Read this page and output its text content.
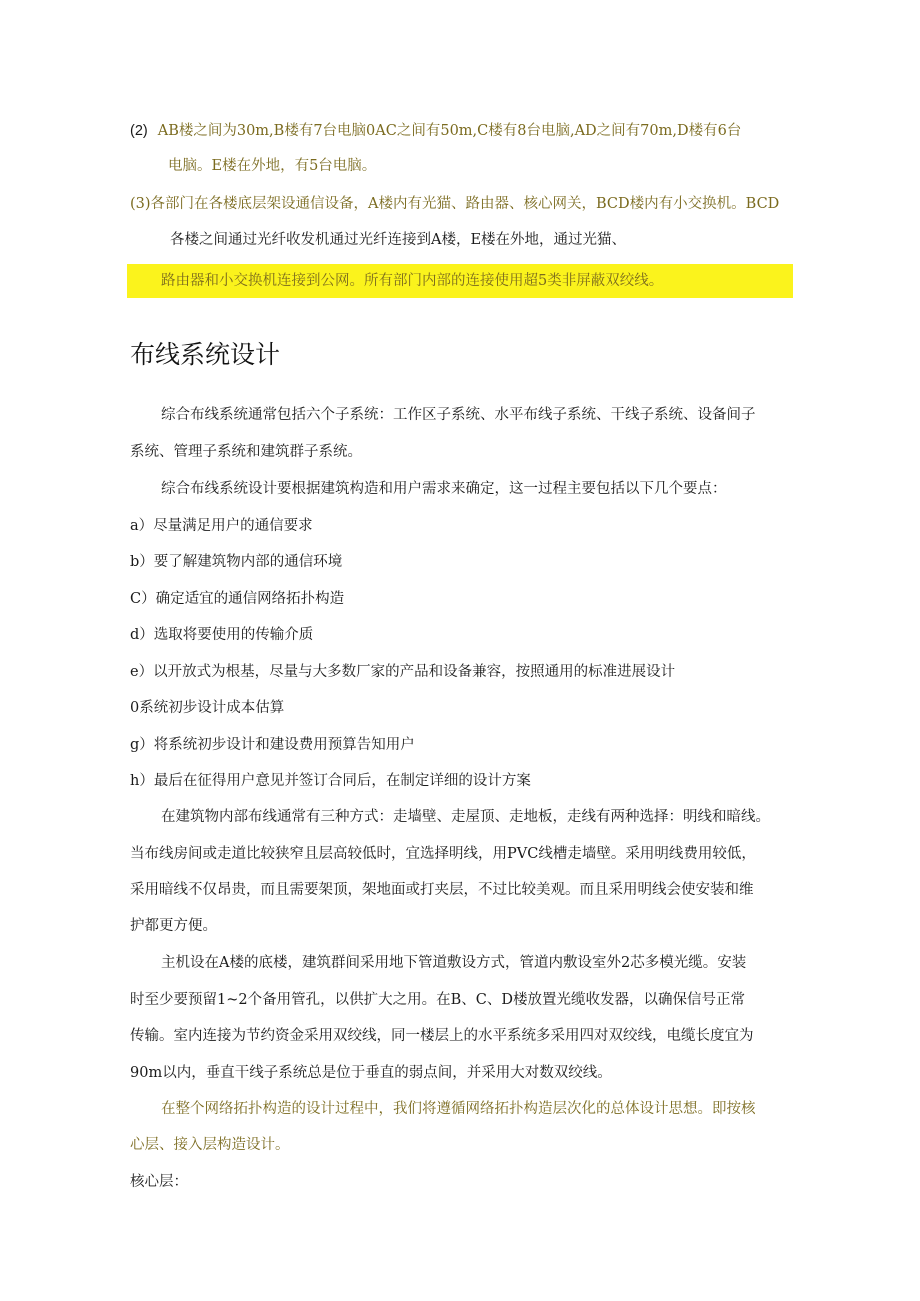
(2) AB楼之间为30m,B楼有7台电脑0AC之间有50m,C楼有8台电脑,AD之间有70m,D楼有6台
电脑。E楼在外地，有5台电脑。
(3)各部门在各楼底层架设通信设备，A楼内有光猫、路由器、核心网关，BCD楼内有小交换机。BCD
各楼之间通过光纤收发机通过光纤连接到A楼，E楼在外地，通过光猫、
路由器和小交换机连接到公网。所有部门内部的连接使用超5类非屏蔽双绞线。
布线系统设计
综合布线系统通常包括六个子系统：工作区子系统、水平布线子系统、干线子系统、设备间子
系统、管理子系统和建筑群子系统。
综合布线系统设计要根据建筑构造和用户需求来确定，这一过程主要包括以下几个要点：
a）尽量满足用户的通信要求
b）要了解建筑物内部的通信环境
C）确定适宜的通信网络拓扑构造
d）选取将要使用的传输介质
e）以开放式为根基，尽量与大多数厂家的产品和设备兼容，按照通用的标准进展设计
0系统初步设计成本估算
g）将系统初步设计和建设费用预算告知用户
h）最后在征得用户意见并签订合同后，在制定详细的设计方案
在建筑物内部布线通常有三种方式：走墙壁、走屋顶、走地板，走线有两种选择：明线和暗线。
当布线房间或走道比较狭窄且层高较低时，宜选择明线，用PVC线槽走墙壁。采用明线费用较低，
采用暗线不仅昂贵，而且需要架顶，架地面或打夹层，不过比较美观。而且采用明线会使安装和维
护都更方便。
主机设在A楼的底楼，建筑群间采用地下管道敷设方式，管道内敷设室外2芯多模光缆。安装
时至少要预留1~2个备用管孔，以供扩大之用。在B、C、D楼放置光缆收发器，以确保信号正常
传输。室内连接为节约资金采用双绞线，同一楼层上的水平系统多采用四对双绞线，电缆长度宜为
90m以内，垂直干线子系统总是位于垂直的弱点间，并采用大对数双绞线。
在整个网络拓扑构造的设计过程中，我们将遵循网络拓扑构造层次化的总体设计思想。即按核
心层、接入层构造设计。
核心层：
